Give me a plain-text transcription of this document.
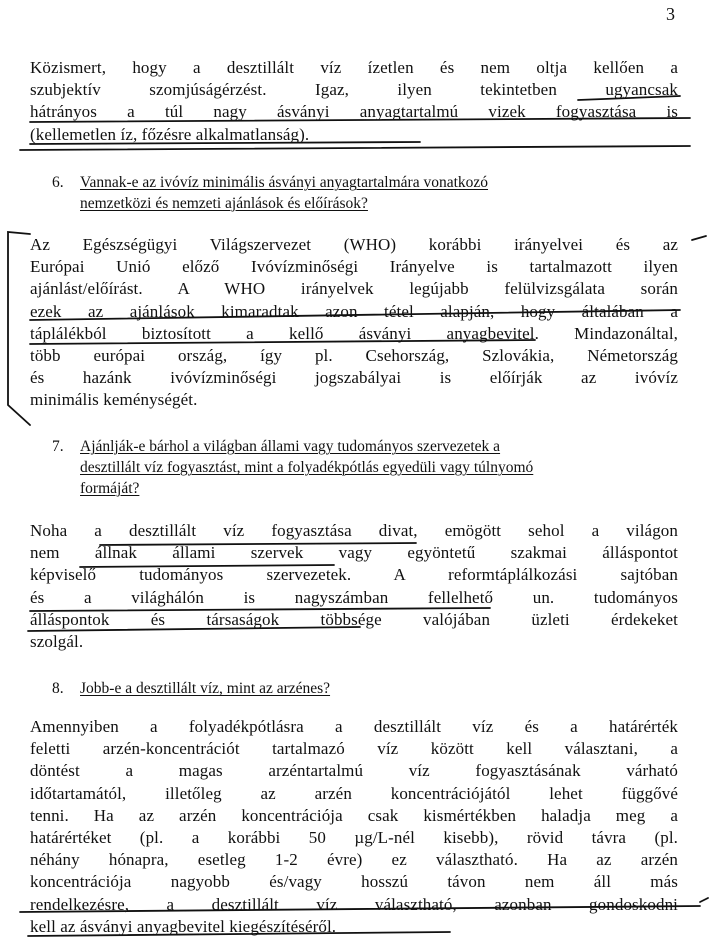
3
Közismert, hogy a desztillált víz ízetlen és nem oltja kellően a
szubjektív szomjúságérzést. Igaz, ilyen tekintetben ugyancsak
hátrányos a túl nagy ásványi anyagtartalmú vizek fogyasztása is
(kellemetlen íz, főzésre alkalmatlanság).
6. Vannak-e az ivóvíz minimális ásványi anyagtartalmára vonatkozó
nemzetközi és nemzeti ajánlások és előírások?
Az Egészségügyi Világszervezet (WHO) korábbi irányelvei és az
Európai Unió előző Ivóvízminőségi Irányelve is tartalmazott ilyen
ajánlást/előírást. A WHO irányelvek legújabb felülvizsgálata során
ezek az ajánlások kimaradtak azon tétel alapján, hogy általában a
táplálékból biztosított a kellő ásványi anyagbevitel. Mindazonáltal,
több európai ország, így pl. Csehország, Szlovákia, Németország
és hazánk ivóvízminőségi jogszabályai is előírják az ivóvíz
minimális keménységét.
7. Ajánlják-e bárhol a világban állami vagy tudományos szervezetek a
desztillált víz fogyasztást, mint a folyadékpótlás egyedüli vagy túlnyomó
formáját?
Noha a desztillált víz fogyasztása divat, emögött sehol a világon
nem állnak állami szervek vagy egyöntetű szakmai álláspontot
képviselő tudományos szervezetek. A reformtáplálkozási sajtóban
és a világhálón is nagyszámban fellelhető un. tudományos
álláspontok és társaságok többsége valójában üzleti érdekeket
szolgál.
8. Jobb-e a desztillált víz, mint az arzénes?
Amennyiben a folyadékpótlásra a desztillált víz és a határérték
feletti arzén-koncentrációt tartalmazó víz között kell választani, a
döntést a magas arzéntartalmú víz fogyasztásának várható
időtartamától, illetőleg az arzén koncentrációjától lehet függővé
tenni. Ha az arzén koncentrációja csak kismértékben haladja meg a
határértéket (pl. a korábbi 50 µg/L-nél kisebb), rövid távra (pl.
néhány hónapra, esetleg 1-2 évre) ez választható. Ha az arzén
koncentrációja nagyobb és/vagy hosszú távon nem áll más
rendelkezésre, a desztillált víz választható, azonban gondoskodni
kell az ásványi anyagbevitel kiegészítéséről.
